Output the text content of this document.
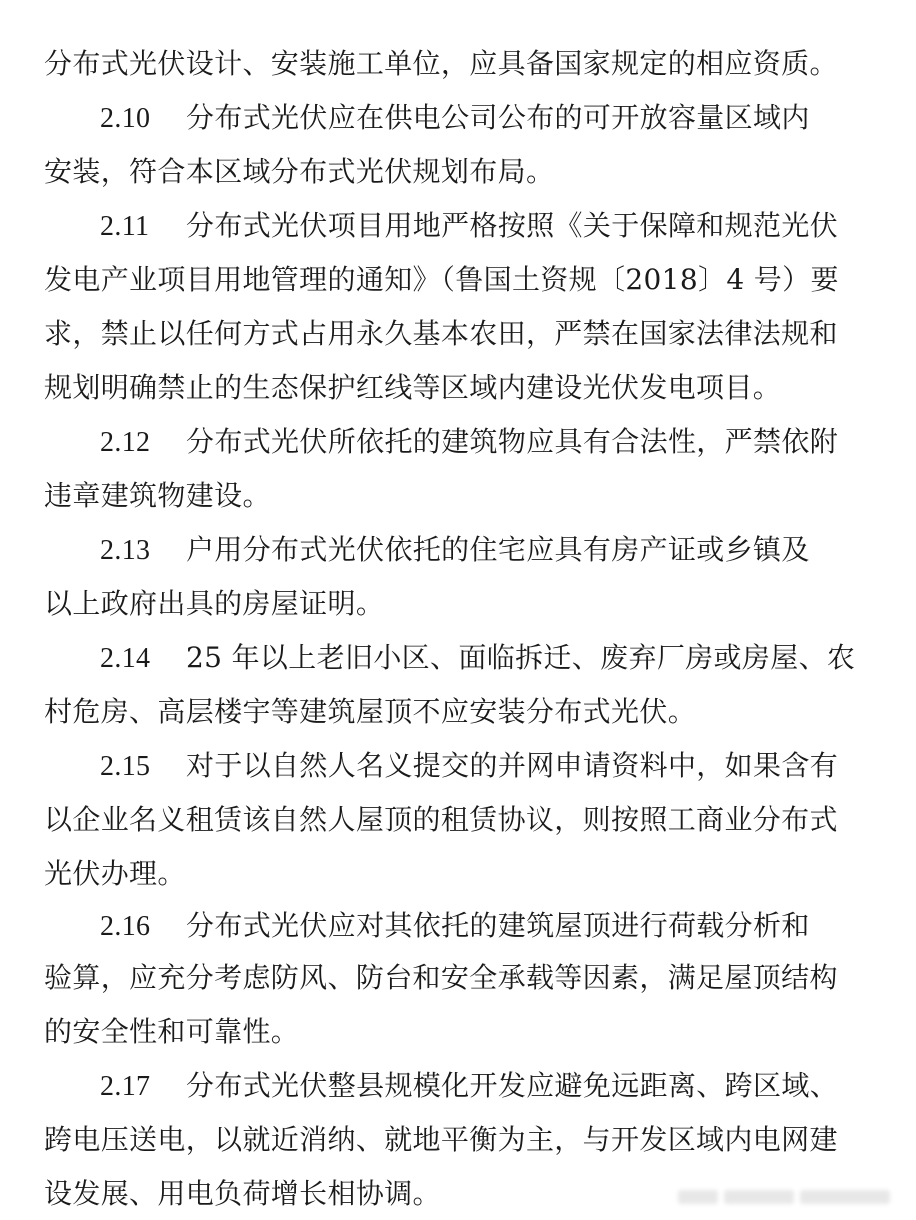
分布式光伏设计、安装施工单位，应具备国家规定的相应资质。
2.10 分布式光伏应在供电公司公布的可开放容量区域内
安装，符合本区域分布式光伏规划布局。
2.11 分布式光伏项目用地严格按照《关于保障和规范光伏
发电产业项目用地管理的通知》（鲁国土资规〔2018〕4 号）要
求，禁止以任何方式占用永久基本农田，严禁在国家法律法规和
规划明确禁止的生态保护红线等区域内建设光伏发电项目。
2.12 分布式光伏所依托的建筑物应具有合法性，严禁依附
违章建筑物建设。
2.13 户用分布式光伏依托的住宅应具有房产证或乡镇及
以上政府出具的房屋证明。
2.14 25 年以上老旧小区、面临拆迁、废弃厂房或房屋、农
村危房、高层楼宇等建筑屋顶不应安装分布式光伏。
2.15 对于以自然人名义提交的并网申请资料中，如果含有
以企业名义租赁该自然人屋顶的租赁协议，则按照工商业分布式
光伏办理。
2.16 分布式光伏应对其依托的建筑屋顶进行荷载分析和
验算，应充分考虑防风、防台和安全承载等因素，满足屋顶结构
的安全性和可靠性。
2.17 分布式光伏整县规模化开发应避免远距离、跨区域、
跨电压送电，以就近消纳、就地平衡为主，与开发区域内电网建
设发展、用电负荷增长相协调。
